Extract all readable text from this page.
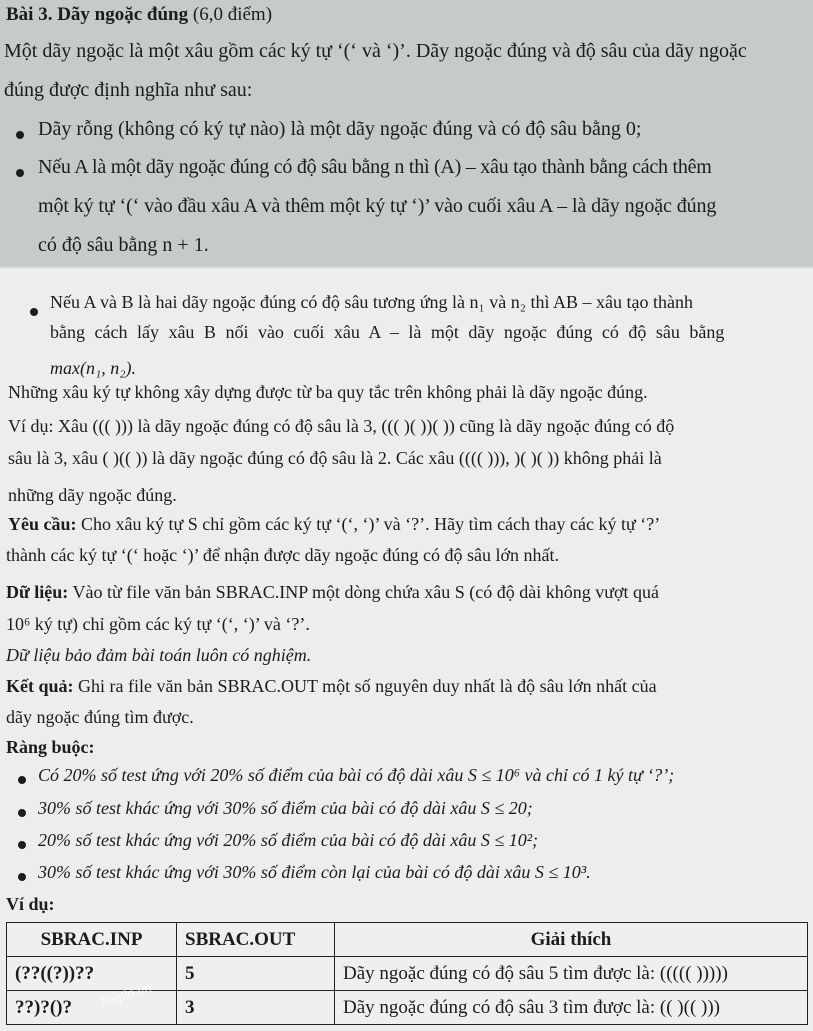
Bài 3. Dãy ngoặc đúng (6,0 điểm)
Một dãy ngoặc là một xâu gồm các ký tự ‘(‘ và ‘)’. Dãy ngoặc đúng và độ sâu của dãy ngoặc
đúng được định nghĩa như sau:
Dãy rỗng (không có ký tự nào) là một dãy ngoặc đúng và có độ sâu bằng 0;
Nếu A là một dãy ngoặc đúng có độ sâu bằng n thì (A) – xâu tạo thành bằng cách thêm
một ký tự ‘(‘ vào đầu xâu A và thêm một ký tự ‘)’ vào cuối xâu A – là dãy ngoặc đúng
có độ sâu bằng n + 1.
Nếu A và B là hai dãy ngoặc đúng có độ sâu tương ứng là n₁ và n₂ thì AB – xâu tạo thành
bằng cách lấy xâu B nối vào cuối xâu A – là một dãy ngoặc đúng có độ sâu bằng
max(n₁, n₂).
Những xâu ký tự không xây dựng được từ ba quy tắc trên không phải là dãy ngoặc đúng.
Ví dụ: Xâu ((( ))) là dãy ngoặc đúng có độ sâu là 3, ((( )( ))( )) cũng là dãy ngoặc đúng có độ
sâu là 3, xâu ( )(( )) là dãy ngoặc đúng có độ sâu là 2. Các xâu (((( ))), )( )( )) không phải là
những dãy ngoặc đúng.
Yêu cầu: Cho xâu ký tự S chỉ gồm các ký tự ‘(‘, ‘)’ và ‘?’. Hãy tìm cách thay các ký tự ‘?’
thành các ký tự ‘(‘ hoặc ‘)’ để nhận được dãy ngoặc đúng có độ sâu lớn nhất.
Dữ liệu: Vào từ file văn bản SBRAC.INP một dòng chứa xâu S (có độ dài không vượt quá
10⁶ ký tự) chỉ gồm các ký tự ‘(‘, ‘)’ và ‘?’.
Dữ liệu bảo đảm bài toán luôn có nghiệm.
Kết quả: Ghi ra file văn bản SBRAC.OUT một số nguyên duy nhất là độ sâu lớn nhất của
dãy ngoặc đúng tìm được.
Ràng buộc:
Có 20% số test ứng với 20% số điểm của bài có độ dài xâu S ≤ 10⁶ và chỉ có 1 ký tự ‘?’;
30% số test khác ứng với 30% số điểm của bài có độ dài xâu S ≤ 20;
20% số test khác ứng với 20% số điểm của bài có độ dài xâu S ≤ 10²;
30% số test khác ứng với 30% số điểm còn lại của bài có độ dài xâu S ≤ 10³.
Ví dụ:
SBRAC.INP	SBRAC.OUT	Giải thích
(??((?))??	5	Dãy ngoặc đúng có độ sâu 5 tìm được là: ((((( )))))
??)?()?	3	Dãy ngoặc đúng có độ sâu 3 tìm được là: (( )(( )))
hsgtin.vn
